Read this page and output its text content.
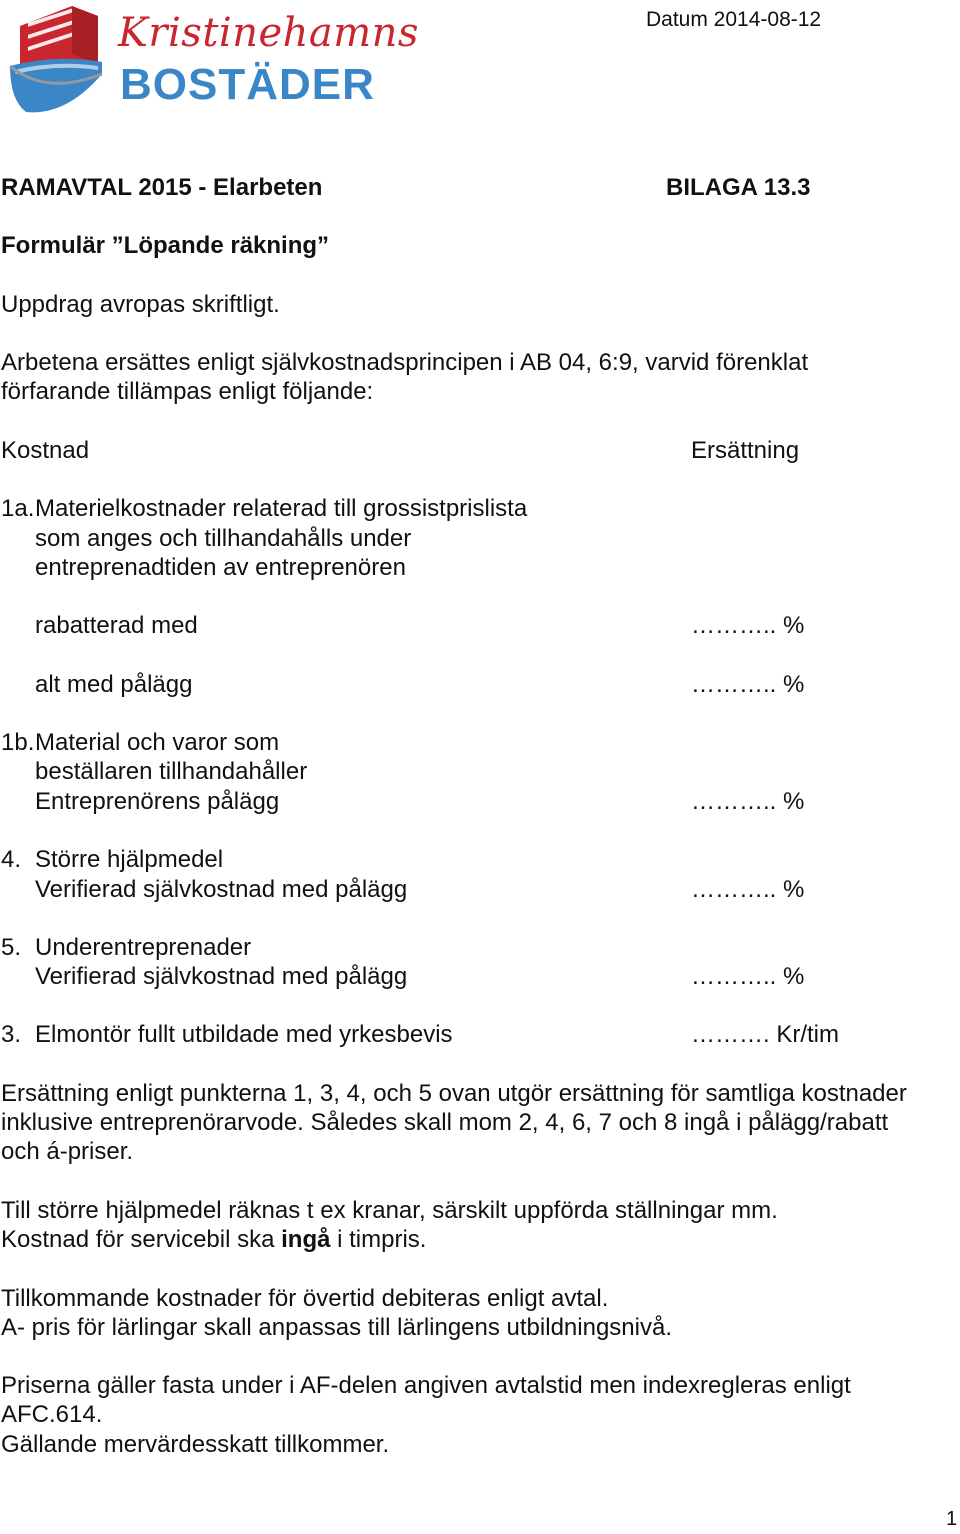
Kristinehamns
BOSTÄDER
Datum 2014-08-12
RAMAVTAL 2015 - Elarbeten	BILAGA 13.3
Formulär ”Löpande räkning”
Uppdrag avropas skriftligt.
Arbetena ersättes enligt självkostnadsprincipen i AB 04, 6:9, varvid förenklat
förfarande tillämpas enligt följande:
Kostnad	Ersättning
1a. Materielkostnader relaterad till grossistprislista
som anges och tillhandahålls under
entreprenadtiden av entreprenören
rabatterad med	……….. %
alt med pålägg	……….. %
1b. Material och varor som
beställaren tillhandahåller
Entreprenörens pålägg	……….. %
4. Större hjälpmedel
Verifierad självkostnad med pålägg	……….. %
5. Underentreprenader
Verifierad självkostnad med pålägg	……….. %
3. Elmontör fullt utbildade med yrkesbevis	………. Kr/tim
Ersättning enligt punkterna 1, 3, 4, och 5 ovan utgör ersättning för samtliga kostnader
inklusive entreprenörarvode. Således skall mom 2, 4, 6, 7 och 8 ingå i pålägg/rabatt
och á-priser.
Till större hjälpmedel räknas t ex kranar, särskilt uppförda ställningar mm.
Kostnad för servicebil ska ingå i timpris.
Tillkommande kostnader för övertid debiteras enligt avtal.
A- pris för lärlingar skall anpassas till lärlingens utbildningsnivå.
Priserna gäller fasta under i AF-delen angiven avtalstid men indexregleras enligt
AFC.614.
Gällande mervärdesskatt tillkommer.
1
